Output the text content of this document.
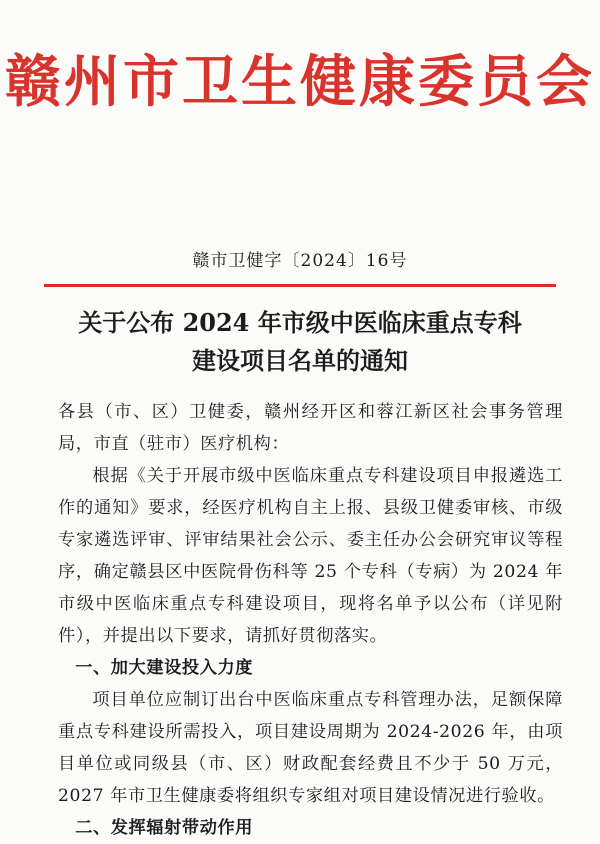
赣州市卫生健康委员会
赣市卫健字〔2024〕16号
关于公布 2024 年市级中医临床重点专科
建设项目名单的通知

各县（市、区）卫健委，赣州经开区和蓉江新区社会事务管理局，市直（驻市）医疗机构：

根据《关于开展市级中医临床重点专科建设项目申报遴选工作的通知》要求，经医疗机构自主上报、县级卫健委审核、市级专家遴选评审、评审结果社会公示、委主任办公会研究审议等程序，确定赣县区中医院骨伤科等 25 个专科（专病）为 2024 年市级中医临床重点专科建设项目，现将名单予以公布（详见附件），并提出以下要求，请抓好贯彻落实。

一、加大建设投入力度

项目单位应制订出台中医临床重点专科管理办法，足额保障重点专科建设所需投入，项目建设周期为 2024-2026 年，由项目单位或同级县（市、区）财政配套经费且不少于 50 万元，2027 年市卫生健康委将组织专家组对项目建设情况进行验收。

二、发挥辐射带动作用
